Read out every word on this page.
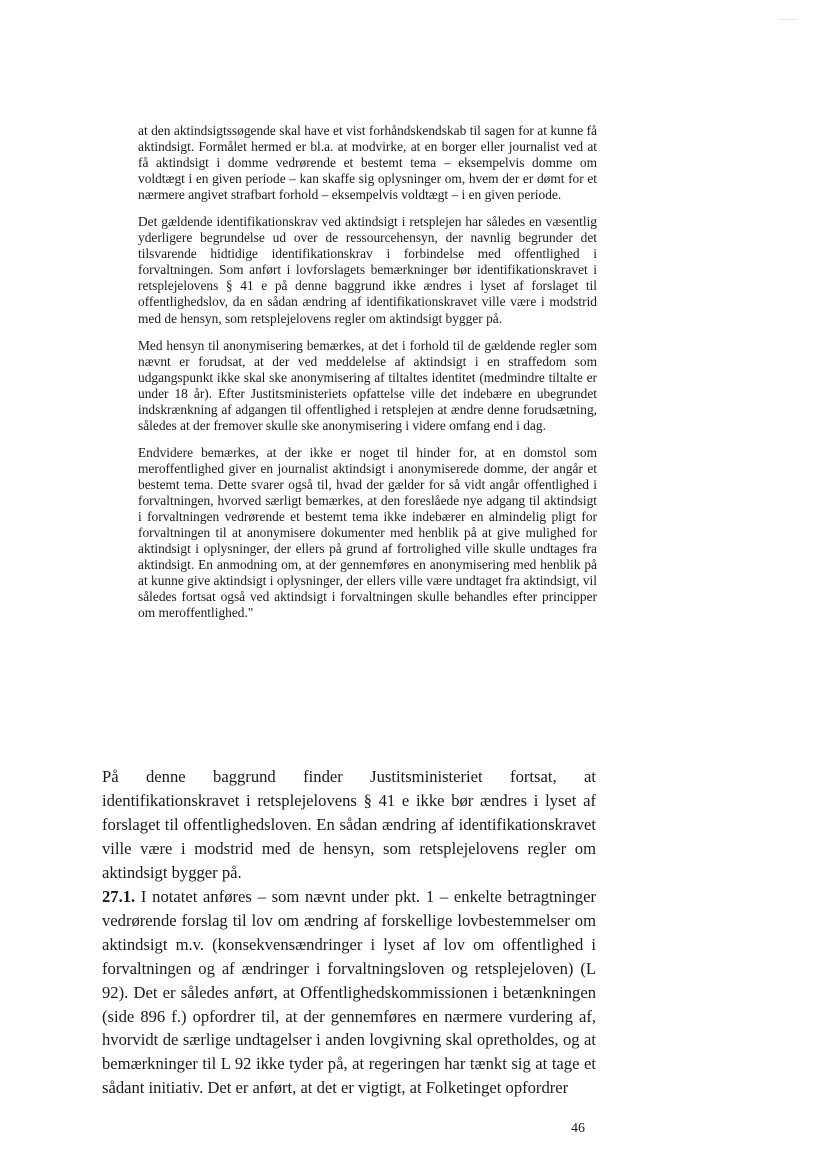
at den aktindsigtssøgende skal have et vist forhåndskendskab til sagen for at kunne få aktindsigt. Formålet hermed er bl.a. at modvirke, at en borger eller journalist ved at få aktindsigt i domme vedrørende et bestemt tema – eksempelvis domme om voldtægt i en given periode – kan skaffe sig oplysninger om, hvem der er dømt for et nærmere angivet strafbart forhold – eksempelvis voldtægt – i en given periode.

Det gældende identifikationskrav ved aktindsigt i retsplejen har således en væsentlig yderligere begrundelse ud over de ressourcehensyn, der navnlig begrunder det tilsvarende hidtidige identifikationskrav i forbindelse med offentlighed i forvaltningen. Som anført i lovforslagets bemærkninger bør identifikationskravet i retsplejelovens § 41 e på denne baggrund ikke ændres i lyset af forslaget til offentlighedslov, da en sådan ændring af identifikationskravet ville være i modstrid med de hensyn, som retsplejelovens regler om aktindsigt bygger på.

Med hensyn til anonymisering bemærkes, at det i forhold til de gældende regler som nævnt er forudsat, at der ved meddelelse af aktindsigt i en straffedom som udgangspunkt ikke skal ske anonymisering af tiltaltes identitet (medmindre tiltalte er under 18 år). Efter Justitsministeriets opfattelse ville det indebære en ubegrundet indskrænkning af adgangen til offentlighed i retsplejen at ændre denne forudsætning, således at der fremover skulle ske anonymisering i videre omfang end i dag.

Endvidere bemærkes, at der ikke er noget til hinder for, at en domstol som meroffentlighed giver en journalist aktindsigt i anonymiserede domme, der angår et bestemt tema. Dette svarer også til, hvad der gælder for så vidt angår offentlighed i forvaltningen, hvorved særligt bemærkes, at den foreslåede nye adgang til aktindsigt i forvaltningen vedrørende et bestemt tema ikke indebærer en almindelig pligt for forvaltningen til at anonymisere dokumenter med henblik på at give mulighed for aktindsigt i oplysninger, der ellers på grund af fortrolighed ville skulle undtages fra aktindsigt. En anmodning om, at der gennemføres en anonymisering med henblik på at kunne give aktindsigt i oplysninger, der ellers ville være undtaget fra aktindsigt, vil således fortsat også ved aktindsigt i forvaltningen skulle behandles efter principper om meroffentlighed."

På denne baggrund finder Justitsministeriet fortsat, at identifikationskravet i retsplejelovens § 41 e ikke bør ændres i lyset af forslaget til offentlighedsloven. En sådan ændring af identifikationskravet ville være i modstrid med de hensyn, som retsplejelovens regler om aktindsigt bygger på.

27.1. I notatet anføres – som nævnt under pkt. 1 – enkelte betragtninger vedrørende forslag til lov om ændring af forskellige lovbestemmelser om aktindsigt m.v. (konsekvensændringer i lyset af lov om offentlighed i forvaltningen og af ændringer i forvaltningsloven og retsplejeloven) (L 92). Det er således anført, at Offentlighedskommissionen i betænkningen (side 896 f.) opfordrer til, at der gennemføres en nærmere vurdering af, hvorvidt de særlige undtagelser i anden lovgivning skal opretholdes, og at bemærkninger til L 92 ikke tyder på, at regeringen har tænkt sig at tage et sådant initiativ. Det er anført, at det er vigtigt, at Folketinget opfordrer

46
